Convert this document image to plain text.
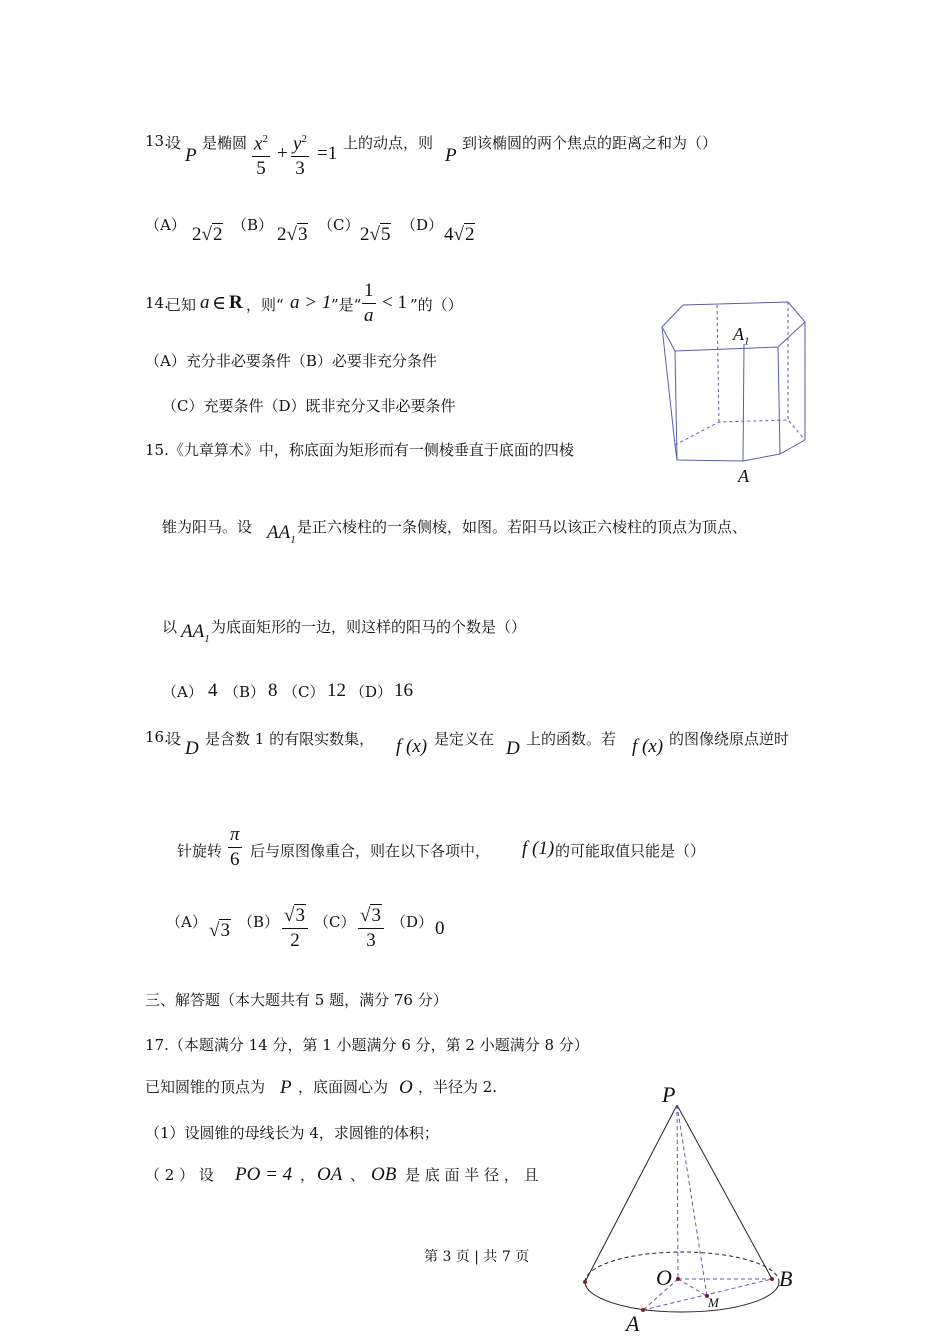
13.
设
P
是椭圆 $\frac{x^2}{5} + \frac{y^2}{3} =1$ 上的动点，则
P
到该椭圆的两个焦点的距离之和为（）
（A） 2√2 （B） 2√3 （C） 2√5 （D） 4√2
14.
已知 a ∈ R ，则“ a > 1 ”是“ $\frac{1}{a} < 1$ ”的（）
（A）充分非必要条件（B）必要非充分条件
（C）充要条件（D）既非充分又非必要条件
$A_1$
A
15.《九章算术》中，称底面为矩形而有一侧棱垂直于底面的四棱
锥为阳马。设 $AA_1$
是正六棱柱的一条侧棱，如图。若阳马以该正六棱柱的顶点为顶点、
以 $AA_1$
为底面矩形的一边，则这样的阳马的个数是（）
（A） 4 （B） 8 （C） 12 （D） 16
16.
设 D 是含数 1 的有限实数集， f (x) 是定义在 D 上的函数。若 f (x) 的图像绕原点逆时
针旋转 $\frac{\pi}{6}$ 后与原图像重合，则在以下各项中， f (1) 的可能取值只能是（）
（A） √3 $(B) \frac{√3}{2} (C) \frac{√3}{3} (D)$ 0
三、解答题（本大题共有 5 题，满分 76 分）
17.（本题满分 14 分，第 1 小题满分 6 分，第 2 小题满分 8 分）
已知圆锥的顶点为 P ，底面圆心为 O ，半径为 2.
（1）设圆锥的母线长为 4，求圆锥的体积；
（ 2 ） 设 PO = 4 ， OA 、 OB 是 底 面 半 径 ， 且
P
O	B
M
A
第 3 页 | 共 7 页
